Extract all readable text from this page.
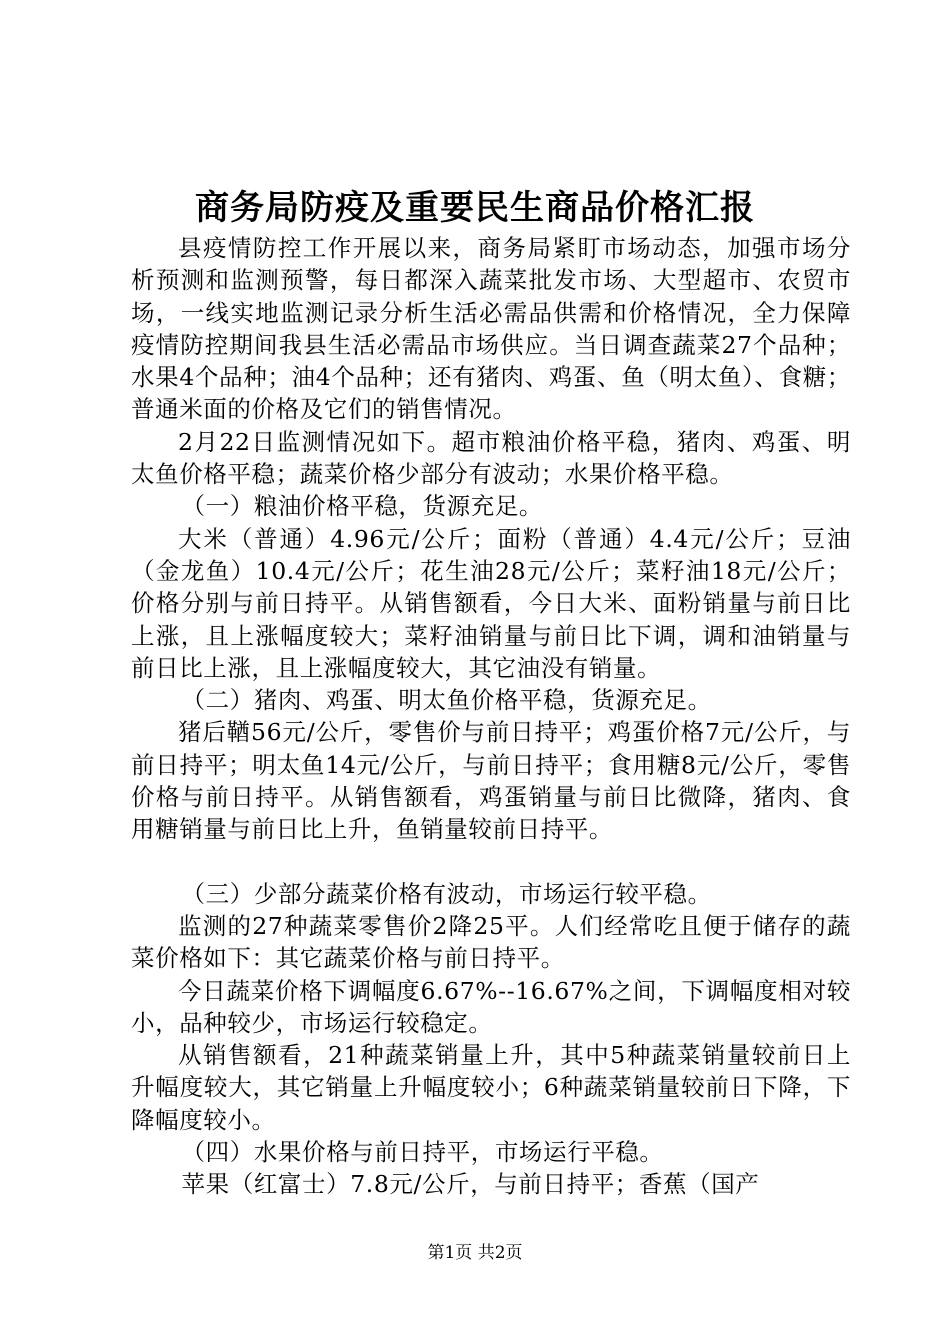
商务局防疫及重要民生商品价格汇报

县疫情防控工作开展以来，商务局紧盯市场动态，加强市场分析预测和监测预警，每日都深入蔬菜批发市场、大型超市、农贸市场，一线实地监测记录分析生活必需品供需和价格情况，全力保障疫情防控期间我县生活必需品市场供应。当日调查蔬菜27个品种；水果4个品种；油4个品种；还有猪肉、鸡蛋、鱼（明太鱼）、食糖；普通米面的价格及它们的销售情况。

2月22日监测情况如下。超市粮油价格平稳，猪肉、鸡蛋、明太鱼价格平稳；蔬菜价格少部分有波动；水果价格平稳。

（一）粮油价格平稳，货源充足。

大米（普通）4.96元/公斤；面粉（普通）4.4元/公斤；豆油（金龙鱼）10.4元/公斤；花生油28元/公斤；菜籽油18元/公斤；价格分别与前日持平。从销售额看，今日大米、面粉销量与前日比上涨，且上涨幅度较大；菜籽油销量与前日比下调，调和油销量与前日比上涨，且上涨幅度较大，其它油没有销量。

（二）猪肉、鸡蛋、明太鱼价格平稳，货源充足。

猪后鞧56元/公斤，零售价与前日持平；鸡蛋价格7元/公斤，与前日持平；明太鱼14元/公斤，与前日持平；食用糖8元/公斤，零售价格与前日持平。从销售额看，鸡蛋销量与前日比微降，猪肉、食用糖销量与前日比上升，鱼销量较前日持平。

（三）少部分蔬菜价格有波动，市场运行较平稳。

监测的27种蔬菜零售价2降25平。人们经常吃且便于储存的蔬菜价格如下：其它蔬菜价格与前日持平。

今日蔬菜价格下调幅度6.67%--16.67%之间，下调幅度相对较小，品种较少，市场运行较稳定。

从销售额看，21种蔬菜销量上升，其中5种蔬菜销量较前日上升幅度较大，其它销量上升幅度较小；6种蔬菜销量较前日下降，下降幅度较小。

（四）水果价格与前日持平，市场运行平稳。

苹果（红富士）7.8元/公斤，与前日持平；香蕉（国产

第1页 共2页
